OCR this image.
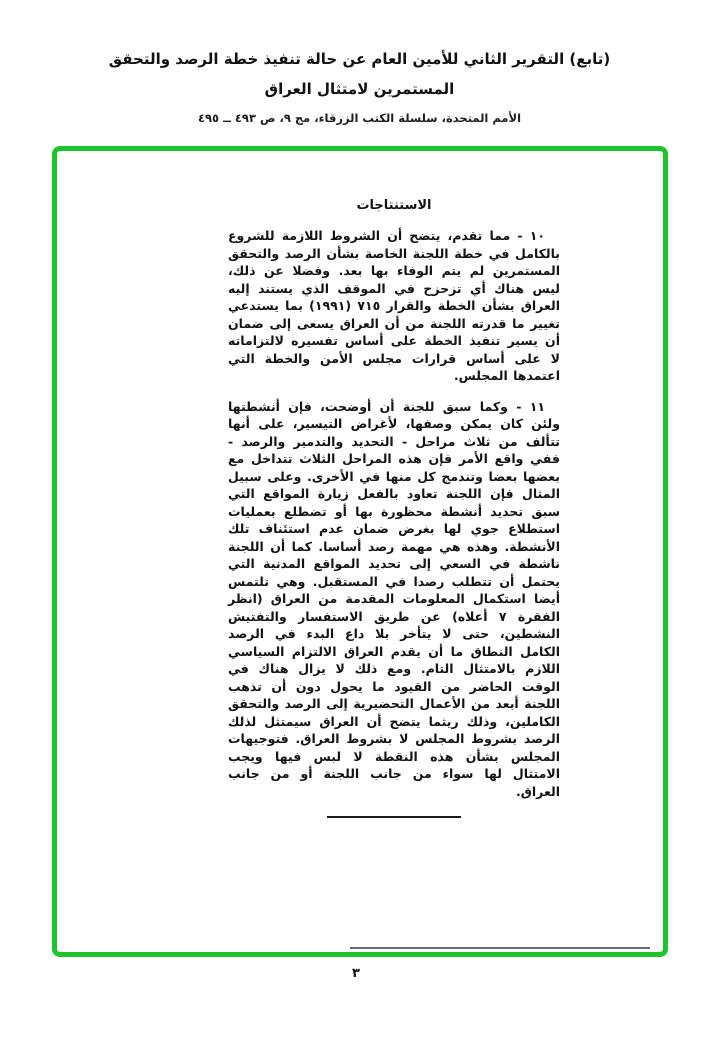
(تابع) التقرير الثاني للأمين العام عن حالة تنفيذ خطة الرصد والتحقق
المستمرين لامتثال العراق
الأمم المتحدة، سلسلة الكتب الزرقاء، مج ٩، ص ٤٩٣ ــ ٤٩٥
الاستنتاجات

١٠ - مما تقدم، يتضح أن الشروط اللازمة للشروع بالكامل في خطة اللجنة الخاصة بشأن الرصد والتحقق المستمرين لم يتم الوفاء بها بعد. وفضلا عن ذلك، ليس هناك أي تزحزح في الموقف الذي يستند إليه العراق بشأن الخطة والقرار ٧١٥ (١٩٩١) بما يستدعي تغيير ما قدرته اللجنة من أن العراق يسعى إلى ضمان أن يسير تنفيذ الخطة على أساس تفسيره لالتزاماته لا على أساس قرارات مجلس الأمن والخطة التي اعتمدها المجلس.

١١ - وكما سبق للجنة أن أوضحت، فإن أنشطتها ولئن كان يمكن وصفها، لأغراض التيسير، على أنها تتألف من ثلاث مراحل - التحديد والتدمير والرصد - ففي واقع الأمر فإن هذه المراحل الثلاث تتداخل مع بعضها بعضا وتندمج كل منها في الأخرى. وعلى سبيل المثال فإن اللجنة تعاود بالفعل زيارة المواقع التي سبق تحديد أنشطة محظورة بها أو تضطلع بعمليات استطلاع جوي لها بغرض ضمان عدم استئناف تلك الأنشطة. وهذه هي مهمة رصد أساسا. كما أن اللجنة ناشطة في السعي إلى تحديد المواقع المدنية التي يحتمل أن تتطلب رصدا في المستقبل. وهي تلتمس أيضا استكمال المعلومات المقدمة من العراق (انظر الفقرة ٧ أعلاه) عن طريق الاستفسار والتفتيش النشطين، حتى لا يتأخر بلا داع البدء في الرصد الكامل النطاق ما أن يقدم العراق الالتزام السياسي اللازم بالامتثال التام. ومع ذلك لا يزال هناك في الوقت الحاضر من القيود ما يحول دون أن تذهب اللجنة أبعد من الأعمال التحضيرية إلى الرصد والتحقق الكاملين، وذلك ريثما يتضح أن العراق سيمتثل لذلك الرصد بشروط المجلس لا بشروط العراق. فتوجيهات المجلس بشأن هذه النقطة لا لبس فيها ويجب الامتثال لها سواء من جانب اللجنة أو من جانب العراق.

٣
